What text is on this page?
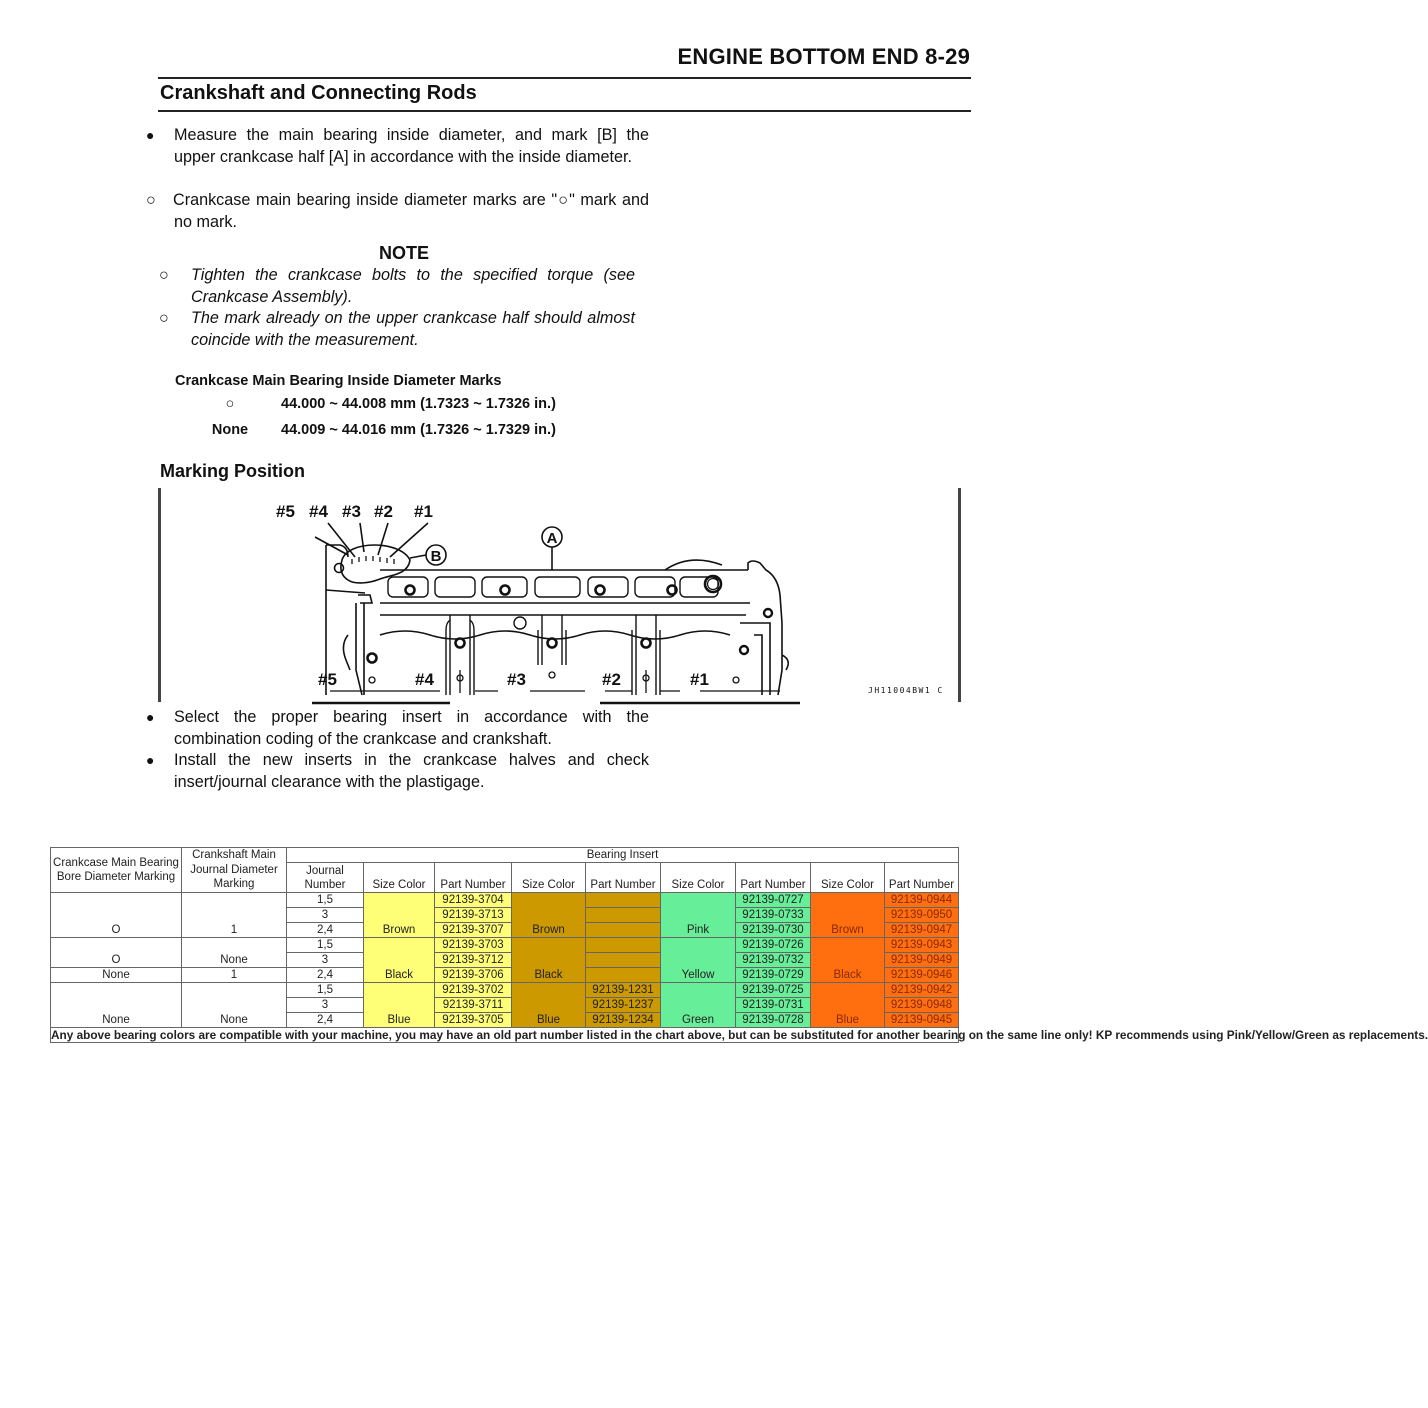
ENGINE BOTTOM END 8-29
Crankshaft and Connecting Rods
● Measure the main bearing inside diameter, and mark [B] the upper crankcase half [A] in accordance with the inside diameter.
○ Crankcase main bearing inside diameter marks are "○" mark and no mark.
NOTE
○ Tighten the crankcase bolts to the specified torque (see Crankcase Assembly).
○ The mark already on the upper crankcase half should almost coincide with the measurement.
Crankcase Main Bearing Inside Diameter Marks
○	44.000 ~ 44.008 mm (1.7323 ~ 1.7326 in.)
None	44.009 ~ 44.016 mm (1.7326 ~ 1.7329 in.)
Marking Position
#5 #4 #3 #2 #1
B
A
#5	#4	#3	#2	#1
JH11004BW1 C
● Select the proper bearing insert in accordance with the combination coding of the crankcase and crankshaft.
● Install the new inserts in the crankcase halves and check insert/journal clearance with the plastigage.
Crankcase Main Bearing Bore Diameter Marking	Crankshaft Main Journal Diameter Marking	Bearing Insert								
		Journal Number	Size Color	Part Number	Size Color	Part Number	Size Color	Part Number	Size Color	Part Number
O	1	1,5	Brown	92139-3704	Brown		Pink	92139-0727	Brown	92139-0944
		3		92139-3713				92139-0733		92139-0950
		2,4		92139-3707				92139-0730		92139-0947
O	None	1,5	Black	92139-3703	Black		Yellow	92139-0726	Black	92139-0943
		3		92139-3712				92139-0732		92139-0949
None	1	2,4		92139-3706				92139-0729		92139-0946
None	None	1,5	Blue	92139-3702	Blue	92139-1231	Green	92139-0725	Blue	92139-0942
		3		92139-3711		92139-1237		92139-0731		92139-0948
		2,4		92139-3705		92139-1234		92139-0728		92139-0945
Any above bearing colors are compatible with your machine, you may have an old part number listed in the chart above, but can be substituted for another bearing on the same line only! KP recommends using Pink/Yellow/Green as replacements.										
